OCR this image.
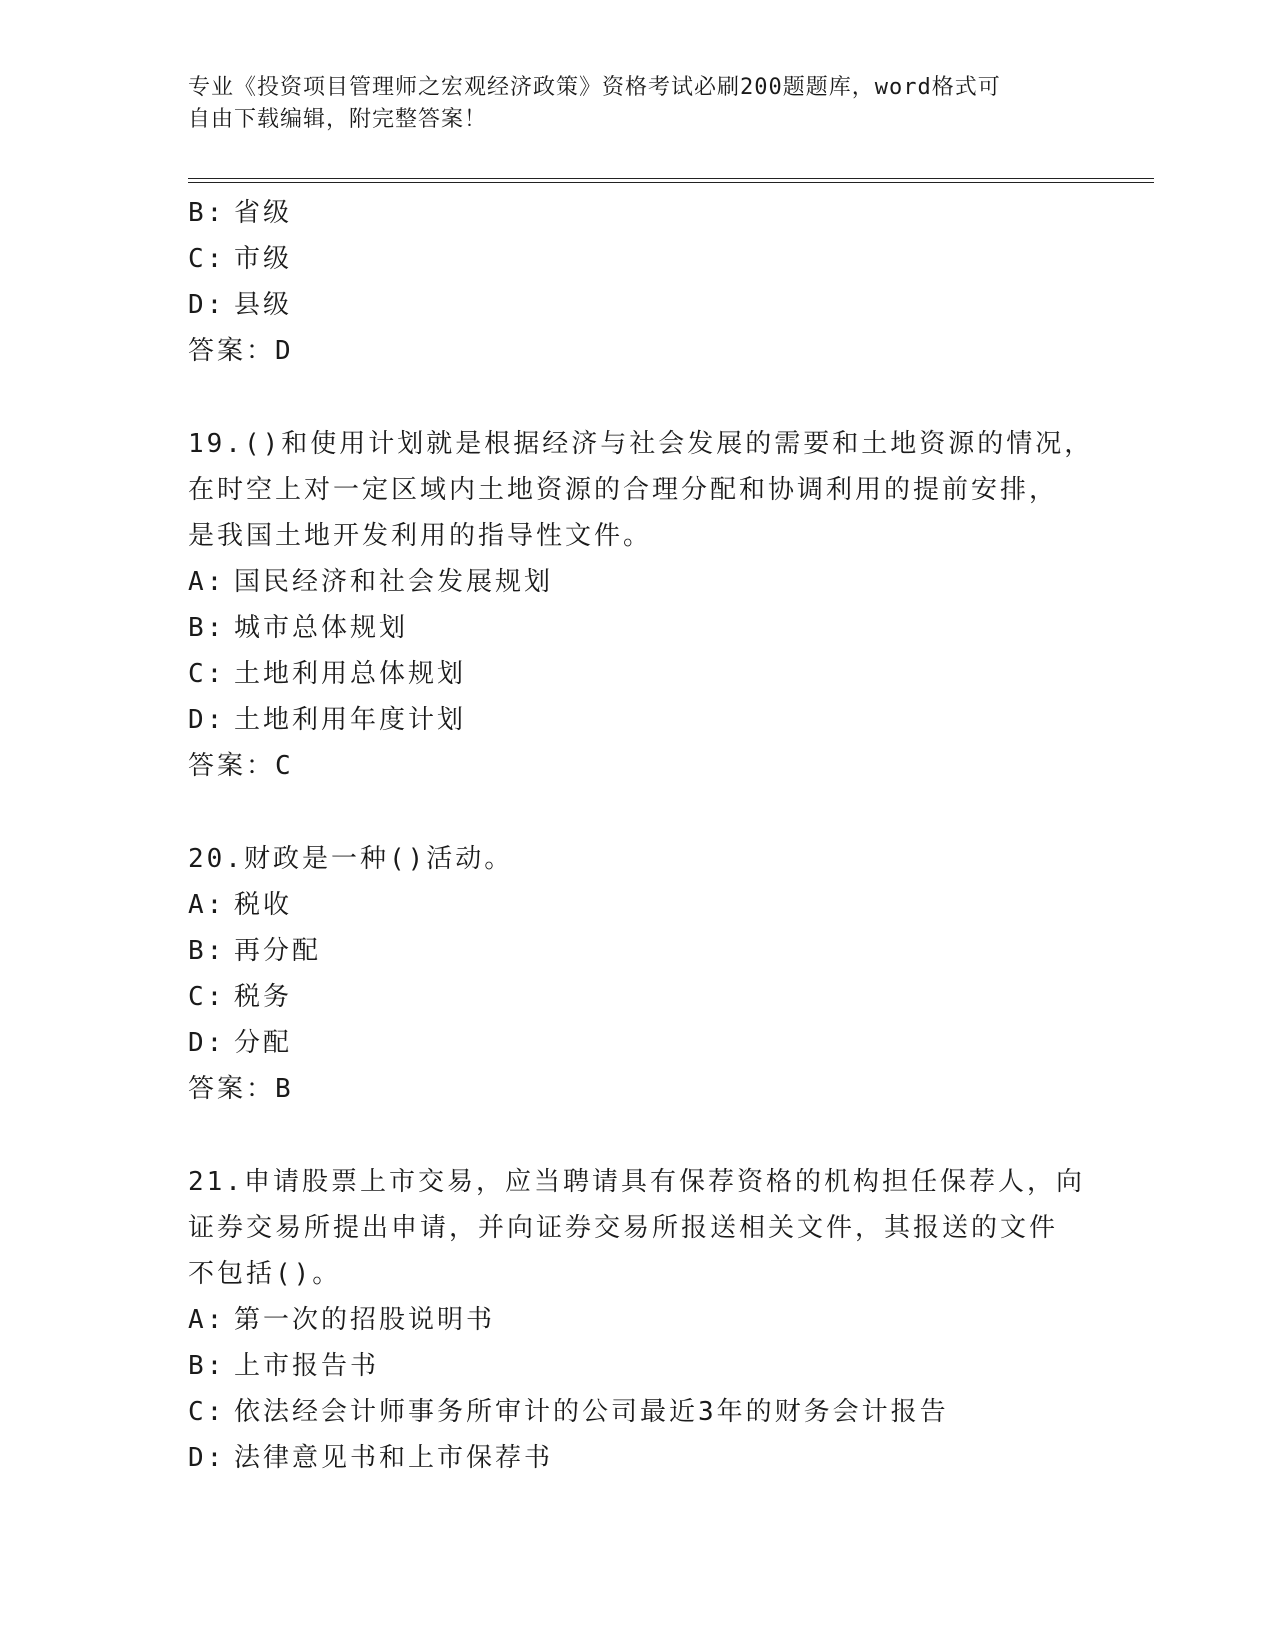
专业《投资项目管理师之宏观经济政策》资格考试必刷200题题库，word格式可
自由下载编辑，附完整答案！
B: 省级
C: 市级
D: 县级
答案：D
19.()和使用计划就是根据经济与社会发展的需要和土地资源的情况，
在时空上对一定区域内土地资源的合理分配和协调利用的提前安排，
是我国土地开发利用的指导性文件。
A: 国民经济和社会发展规划
B: 城市总体规划
C: 土地利用总体规划
D: 土地利用年度计划
答案：C
20.财政是一种()活动。
A: 税收
B: 再分配
C: 税务
D: 分配
答案：B
21.申请股票上市交易，应当聘请具有保荐资格的机构担任保荐人，向
证券交易所提出申请，并向证券交易所报送相关文件，其报送的文件
不包括()。
A: 第一次的招股说明书
B: 上市报告书
C: 依法经会计师事务所审计的公司最近3年的财务会计报告
D: 法律意见书和上市保荐书
